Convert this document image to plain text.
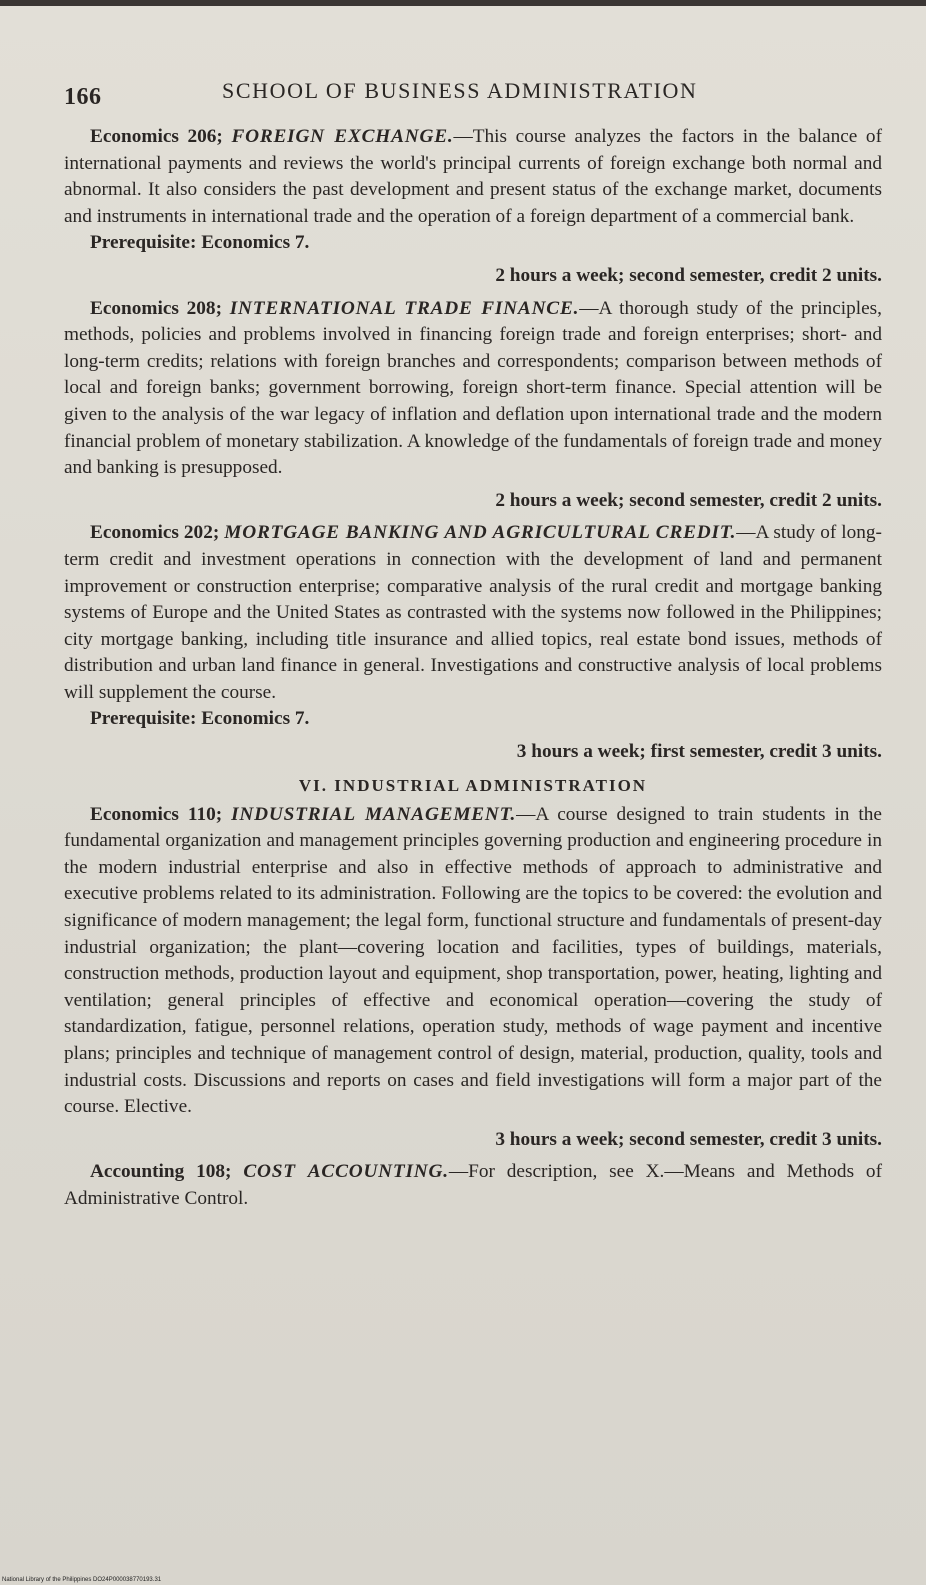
166	SCHOOL OF BUSINESS ADMINISTRATION

Economics 206; FOREIGN EXCHANGE.—This course analyzes the factors in the balance of international payments and reviews the world's principal currents of foreign exchange both normal and abnormal. It also considers the past development and present status of the exchange market, documents and instruments in international trade and the operation of a foreign department of a commercial bank.

Prerequisite: Economics 7.
2 hours a week; second semester, credit 2 units.

Economics 208; INTERNATIONAL TRADE FINANCE.—A thorough study of the principles, methods, policies and problems involved in financing foreign trade and foreign enterprises; short- and long-term credits; relations with foreign branches and correspondents; comparison between methods of local and foreign banks; government borrowing, foreign short-term finance. Special attention will be given to the analysis of the war legacy of inflation and deflation upon international trade and the modern financial problem of monetary stabilization. A knowledge of the fundamentals of foreign trade and money and banking is presupposed.

2 hours a week; second semester, credit 2 units.

Economics 202; MORTGAGE BANKING AND AGRICULTURAL CREDIT.—A study of long-term credit and investment operations in connection with the development of land and permanent improvement or construction enterprise; comparative analysis of the rural credit and mortgage banking systems of Europe and the United States as contrasted with the systems now followed in the Philippines; city mortgage banking, including title insurance and allied topics, real estate bond issues, methods of distribution and urban land finance in general. Investigations and constructive analysis of local problems will supplement the course.

Prerequisite: Economics 7.
3 hours a week; first semester, credit 3 units.
VI. INDUSTRIAL ADMINISTRATION

Economics 110; INDUSTRIAL MANAGEMENT.—A course designed to train students in the fundamental organization and management principles governing production and engineering procedure in the modern industrial enterprise and also in effective methods of approach to administrative and executive problems related to its administration. Following are the topics to be covered: the evolution and significance of modern management; the legal form, functional structure and fundamentals of present-day industrial organization; the plant—covering location and facilities, types of buildings, materials, construction methods, production layout and equipment, shop transportation, power, heating, lighting and ventilation; general principles of effective and economical operation—covering the study of standardization, fatigue, personnel relations, operation study, methods of wage payment and incentive plans; principles and technique of management control of design, material, production, quality, tools and industrial costs. Discussions and reports on cases and field investigations will form a major part of the course. Elective.

3 hours a week; second semester, credit 3 units.

Accounting 108; COST ACCOUNTING.—For description, see X.—Means and Methods of Administrative Control.

National Library of the Philippines DO24P000038770193.31
